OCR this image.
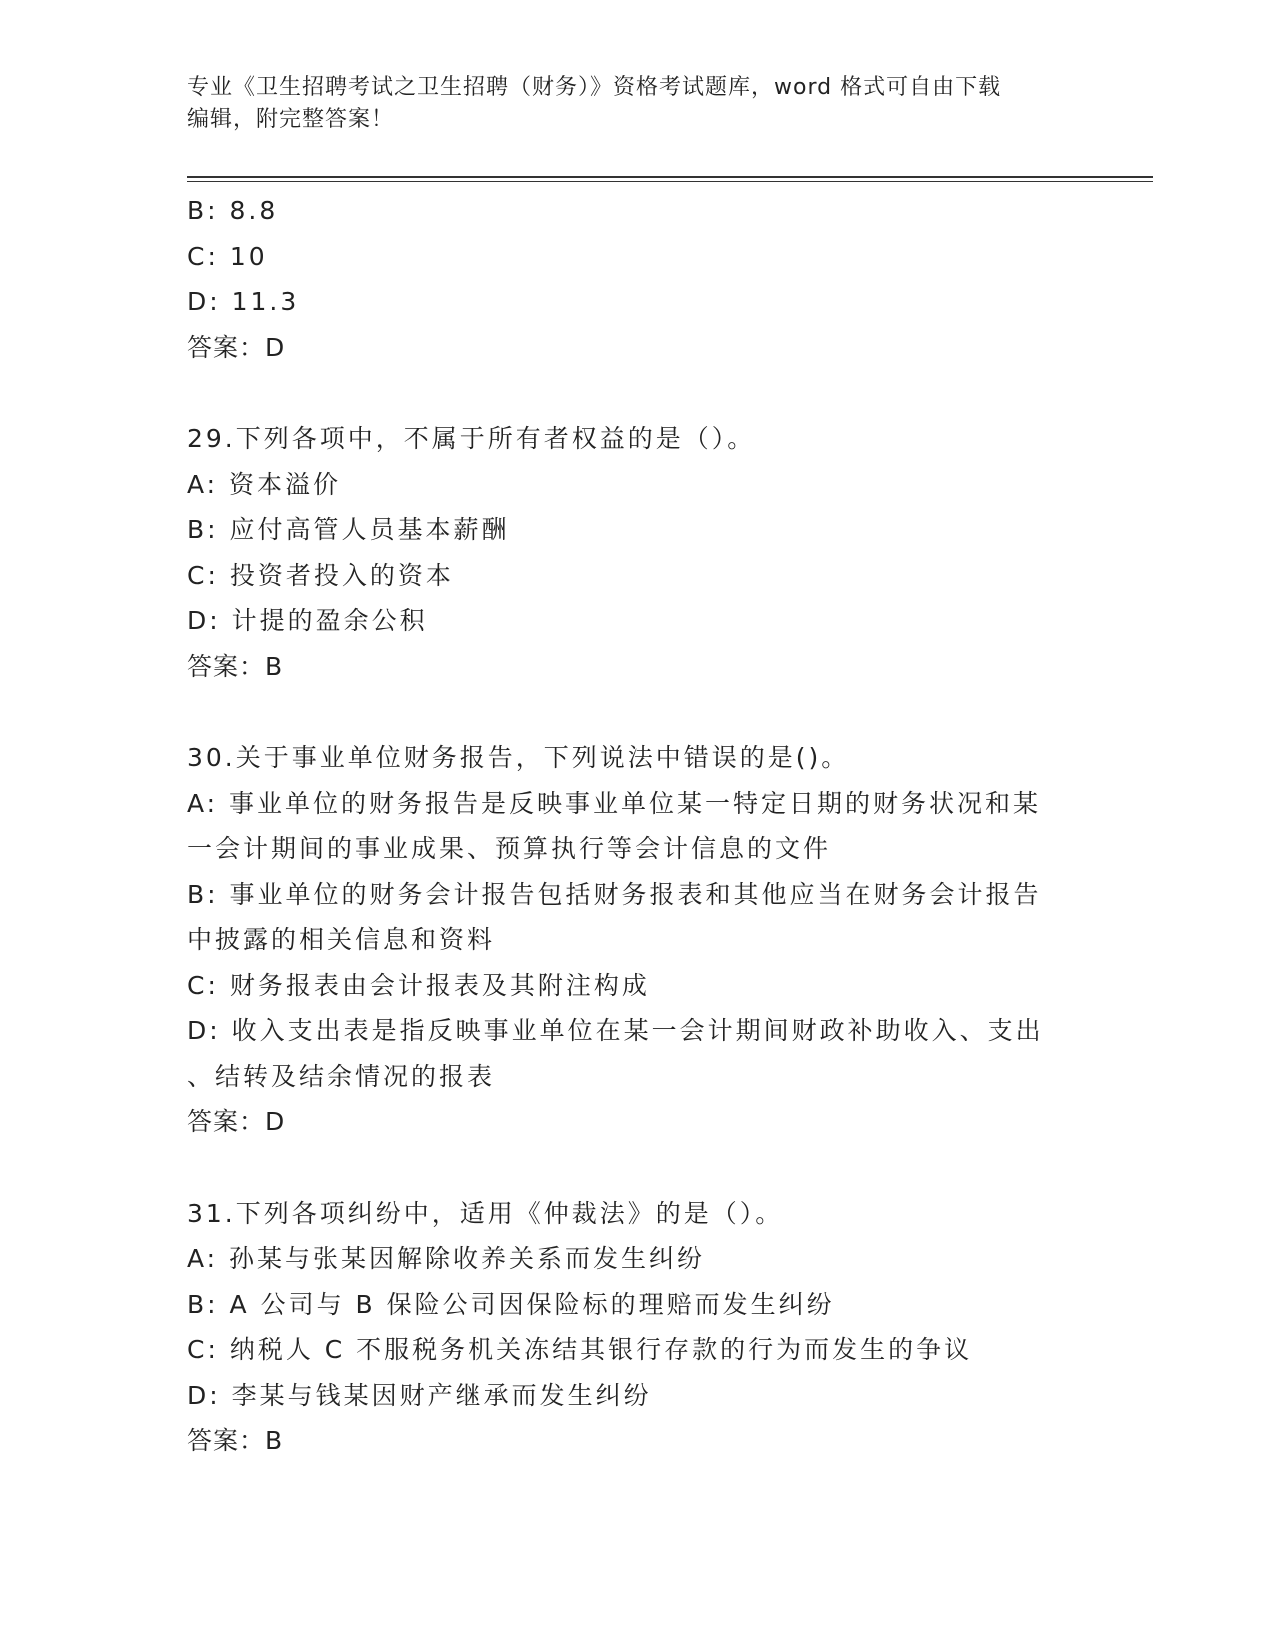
专业《卫生招聘考试之卫生招聘（财务）》资格考试题库，word 格式可自由下载
编辑，附完整答案！
B: 8.8
C: 10
D: 11.3
答案：D
29.下列各项中，不属于所有者权益的是（）。
A: 资本溢价
B: 应付高管人员基本薪酬
C: 投资者投入的资本
D: 计提的盈余公积
答案：B
30.关于事业单位财务报告，下列说法中错误的是()。
A: 事业单位的财务报告是反映事业单位某一特定日期的财务状况和某
一会计期间的事业成果、预算执行等会计信息的文件
B: 事业单位的财务会计报告包括财务报表和其他应当在财务会计报告
中披露的相关信息和资料
C: 财务报表由会计报表及其附注构成
D: 收入支出表是指反映事业单位在某一会计期间财政补助收入、支出
、结转及结余情况的报表
答案：D
31.下列各项纠纷中，适用《仲裁法》的是（）。
A: 孙某与张某因解除收养关系而发生纠纷
B: A 公司与 B 保险公司因保险标的理赔而发生纠纷
C: 纳税人 C 不服税务机关冻结其银行存款的行为而发生的争议
D: 李某与钱某因财产继承而发生纠纷
答案：B
